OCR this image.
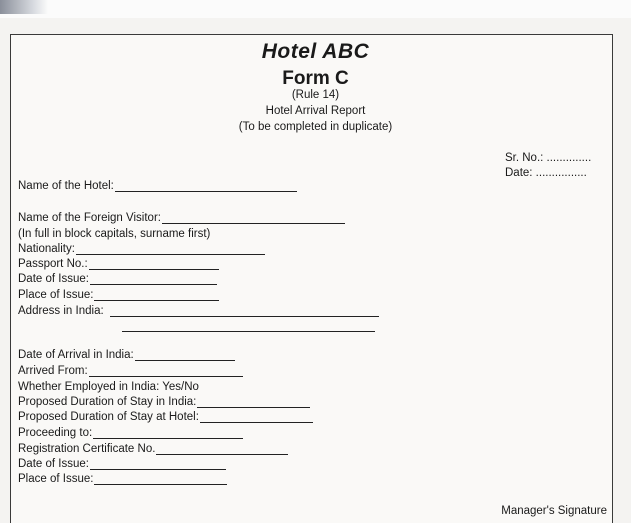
Hotel ABC
Form C
(Rule 14)
Hotel Arrival Report
(To be completed in duplicate)
Sr. No.: ..............
Date: ................
Name of the Hotel:
Name of the Foreign Visitor:
(In full in block capitals, surname first)
Nationality:
Passport No.:
Date of Issue:
Place of Issue:
Address in India:
Date of Arrival in India:
Arrived From:
Whether Employed in India: Yes/No
Proposed Duration of Stay in India:
Proposed Duration of Stay at Hotel:
Proceeding to:
Registration Certificate No.
Date of Issue:
Place of Issue:
Manager's Signature
